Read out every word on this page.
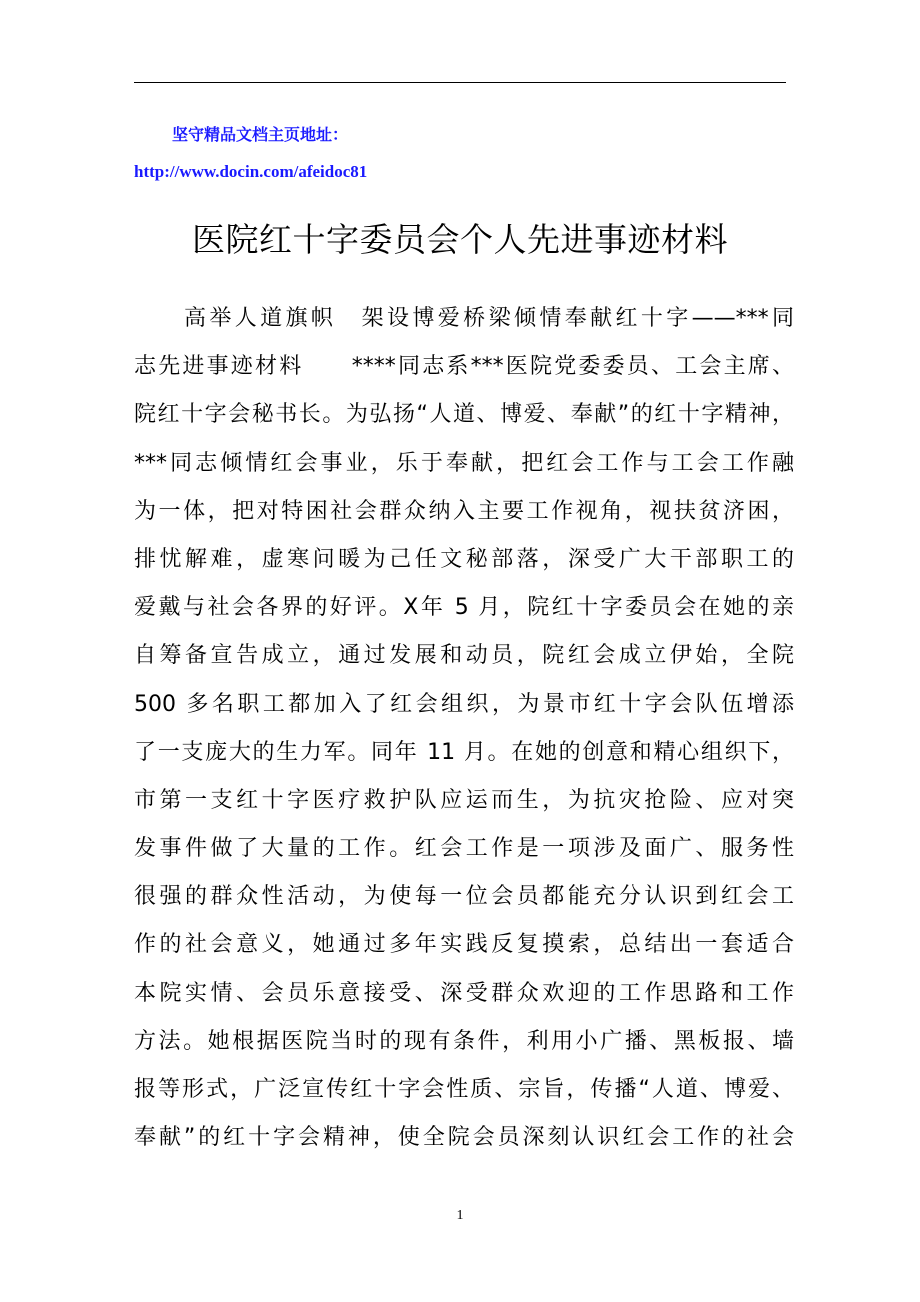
坚守精品文档主页地址：
http://www.docin.com/afeidoc81
医院红十字委员会个人先进事迹材料
高举人道旗帜　架设博爱桥梁倾情奉献红十字——***同
志先进事迹材料　　****同志系***医院党委委员、工会主席、
院红十字会秘书长。为弘扬“人道、博爱、奉献”的红十字精神，
***同志倾情红会事业，乐于奉献，把红会工作与工会工作融
为一体，把对特困社会群众纳入主要工作视角，视扶贫济困，
排忧解难，虚寒问暖为己任文秘部落，深受广大干部职工的
爱戴与社会各界的好评。X年 5 月，院红十字委员会在她的亲
自筹备宣告成立，通过发展和动员，院红会成立伊始，全院
500 多名职工都加入了红会组织，为景市红十字会队伍增添
了一支庞大的生力军。同年 11 月。在她的创意和精心组织下，
市第一支红十字医疗救护队应运而生，为抗灾抢险、应对突
发事件做了大量的工作。红会工作是一项涉及面广、服务性
很强的群众性活动，为使每一位会员都能充分认识到红会工
作的社会意义，她通过多年实践反复摸索，总结出一套适合
本院实情、会员乐意接受、深受群众欢迎的工作思路和工作
方法。她根据医院当时的现有条件，利用小广播、黑板报、墙
报等形式，广泛宣传红十字会性质、宗旨，传播“人道、博爱、
奉献”的红十字会精神，使全院会员深刻认识红会工作的社会
1
